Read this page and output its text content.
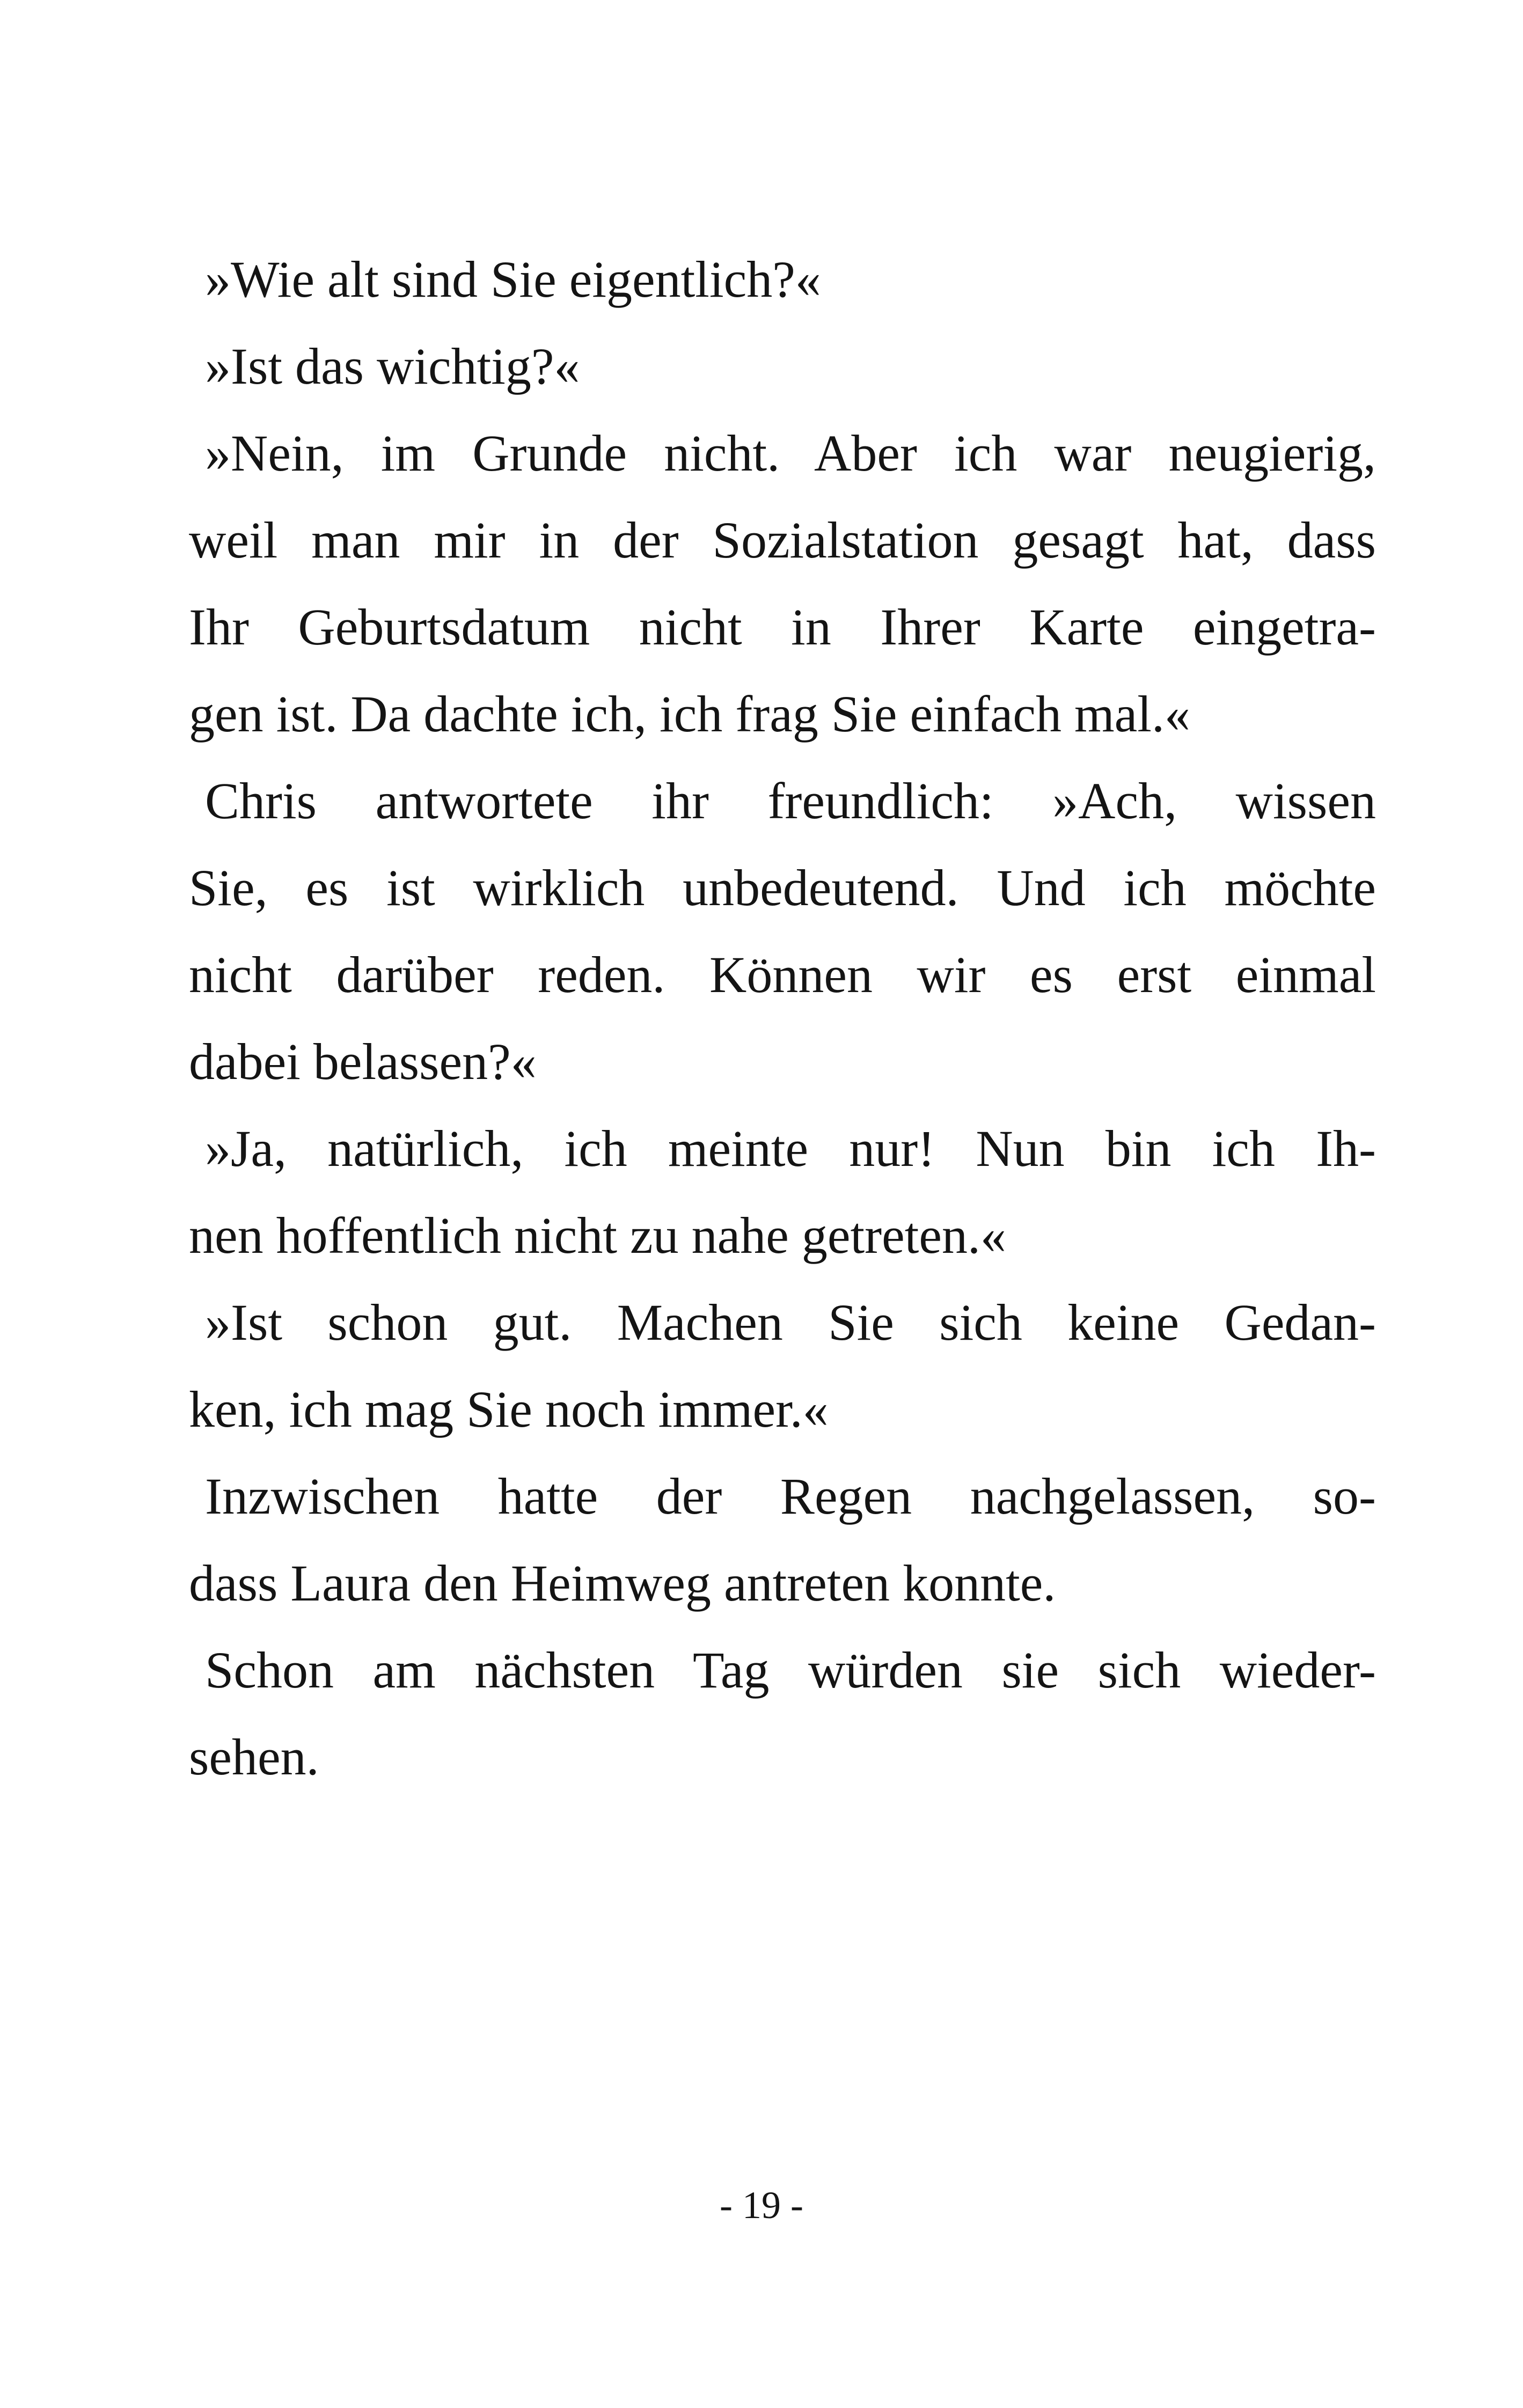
»Wie alt sind Sie eigentlich?«
»Ist das wichtig?«
»Nein, im Grunde nicht. Aber ich war neugierig,
weil man mir in der Sozialstation gesagt hat, dass
Ihr Geburtsdatum nicht in Ihrer Karte eingetra-
gen ist. Da dachte ich, ich frag Sie einfach mal.«
Chris antwortete ihr freundlich: »Ach, wissen
Sie, es ist wirklich unbedeutend. Und ich möchte
nicht darüber reden. Können wir es erst einmal
dabei belassen?«
»Ja, natürlich, ich meinte nur! Nun bin ich Ih-
nen hoffentlich nicht zu nahe getreten.«
»Ist schon gut. Machen Sie sich keine Gedan-
ken, ich mag Sie noch immer.«
Inzwischen hatte der Regen nachgelassen, so-
dass Laura den Heimweg antreten konnte.
Schon am nächsten Tag würden sie sich wieder-
sehen.
- 19 -
